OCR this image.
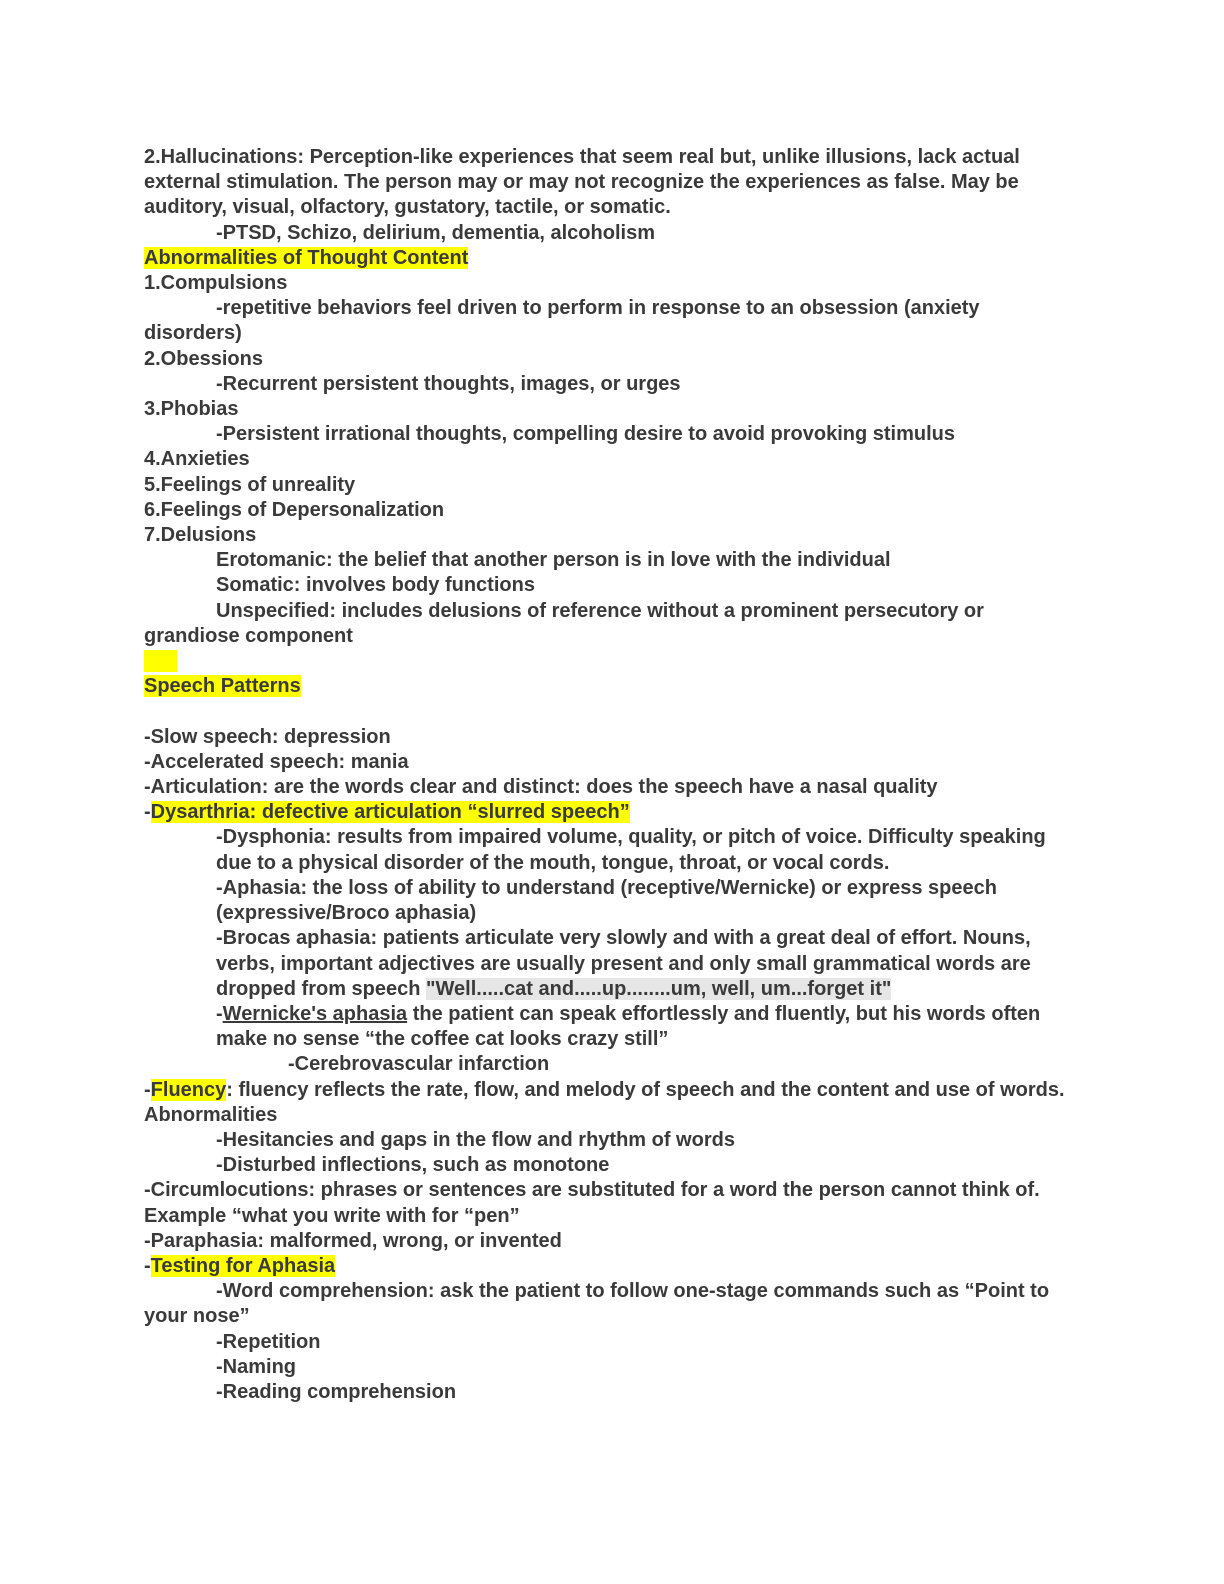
2.Hallucinations: Perception-like experiences that seem real but, unlike illusions, lack actual external stimulation. The person may or may not recognize the experiences as false. May be auditory, visual, olfactory, gustatory, tactile, or somatic.
-PTSD, Schizo, delirium, dementia, alcoholism
Abnormalities of Thought Content
1.Compulsions
-repetitive behaviors feel driven to perform in response to an obsession (anxiety disorders)
2.Obessions
-Recurrent persistent thoughts, images, or urges
3.Phobias
-Persistent irrational thoughts, compelling desire to avoid provoking stimulus
4.Anxieties
5.Feelings of unreality
6.Feelings of Depersonalization
7.Delusions
Erotomanic: the belief that another person is in love with the individual
Somatic: involves body functions
Unspecified: includes delusions of reference without a prominent persecutory or grandiose component

Speech Patterns

-Slow speech: depression
-Accelerated speech: mania
-Articulation: are the words clear and distinct: does the speech have a nasal quality
-Dysarthria: defective articulation “slurred speech”
-Dysphonia: results from impaired volume, quality, or pitch of voice. Difficulty speaking due to a physical disorder of the mouth, tongue, throat, or vocal cords.
-Aphasia: the loss of ability to understand (receptive/Wernicke) or express speech (expressive/Broco aphasia)
-Brocas aphasia: patients articulate very slowly and with a great deal of effort. Nouns, verbs, important adjectives are usually present and only small grammatical words are dropped from speech "Well.....cat and.....up........um, well, um...forget it"
-Wernicke's aphasia the patient can speak effortlessly and fluently, but his words often make no sense “the coffee cat looks crazy still”
-Cerebrovascular infarction
-Fluency: fluency reflects the rate, flow, and melody of speech and the content and use of words. Abnormalities
-Hesitancies and gaps in the flow and rhythm of words
-Disturbed inflections, such as monotone
-Circumlocutions: phrases or sentences are substituted for a word the person cannot think of. Example “what you write with for “pen”
-Paraphasia: malformed, wrong, or invented
-Testing for Aphasia
-Word comprehension: ask the patient to follow one-stage commands such as “Point to your nose”
-Repetition
-Naming
-Reading comprehension
